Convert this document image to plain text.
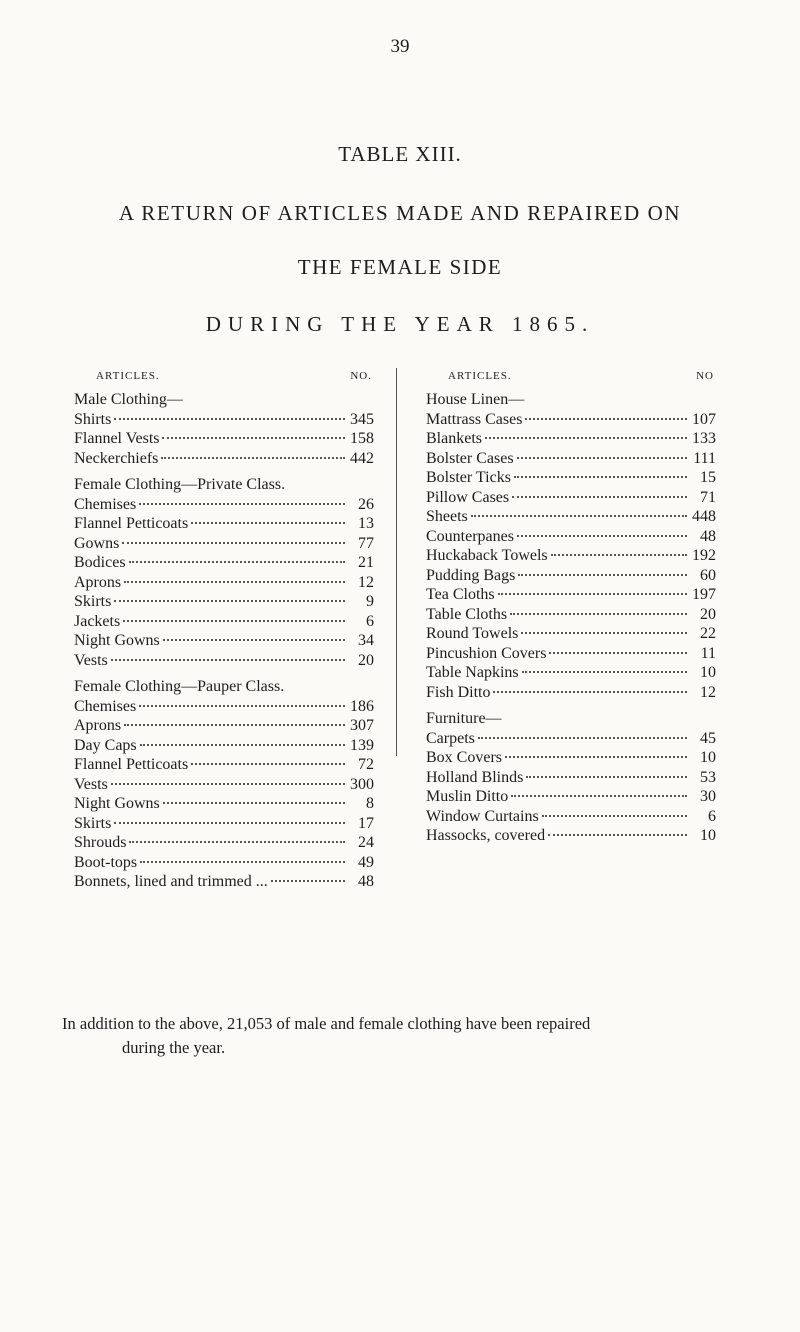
39
TABLE XIII.
A RETURN OF ARTICLES MADE AND REPAIRED ON
THE FEMALE SIDE
DURING THE YEAR 1865.
ARTICLES.	NO.
Male Clothing—
Shirts	345
Flannel Vests	158
Neckerchiefs	442
Female Clothing—Private Class.
Chemises	26
Flannel Petticoats	13
Gowns	77
Bodices	21
Aprons	12
Skirts	9
Jackets	6
Night Gowns	34
Vests	20
Female Clothing—Pauper Class.
Chemises	186
Aprons	307
Day Caps	139
Flannel Petticoats	72
Vests	300
Night Gowns	8
Skirts	17
Shrouds	24
Boot-tops	49
Bonnets, lined and trimmed ...	48
ARTICLES.	NO
House Linen—
Mattrass Cases	107
Blankets	133
Bolster Cases	111
Bolster Ticks	15
Pillow Cases	71
Sheets	448
Counterpanes	48
Huckaback Towels	192
Pudding Bags	60
Tea Cloths	197
Table Cloths	20
Round Towels	22
Pincushion Covers	11
Table Napkins	10
Fish Ditto	12
Furniture—
Carpets	45
Box Covers	10
Holland Blinds	53
Muslin Ditto	30
Window Curtains	6
Hassocks, covered	10
In addition to the above, 21,053 of male and female clothing have been repaired
during the year.
